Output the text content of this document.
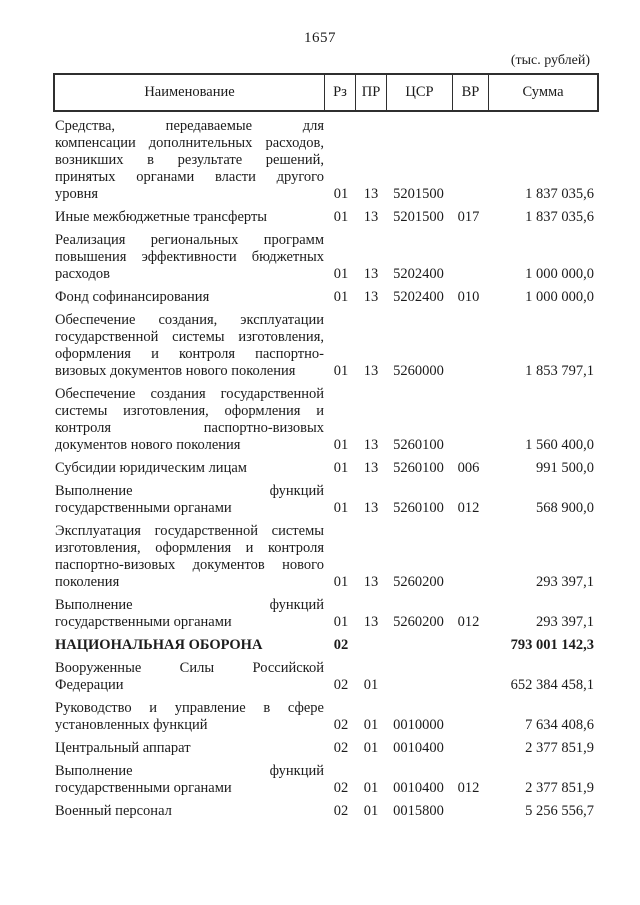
1657
(тыс. рублей)
Наименование	Рз	ПР	ЦСР	ВР	Сумма
Средства, передаваемые для
компенсации дополнительных расходов,
возникших в результате решений,
принятых органами власти другого
уровня	01	13	5201500		1 837 035,6

Иные межбюджетные трансферты	01	13	5201500	017	1 837 035,6

Реализация региональных программ
повышения эффективности бюджетных
расходов	01	13	5202400		1 000 000,0

Фонд софинансирования	01	13	5202400	010	1 000 000,0

Обеспечение создания, эксплуатации
государственной системы изготовления,
оформления и контроля паспортно-
визовых документов нового поколения	01	13	5260000		1 853 797,1

Обеспечение создания государственной
системы изготовления, оформления и
контроля паспортно-визовых
документов нового поколения	01	13	5260100		1 560 400,0

Субсидии юридическим лицам	01	13	5260100	006	991 500,0

Выполнение функций
государственными органами	01	13	5260100	012	568 900,0

Эксплуатация государственной системы
изготовления, оформления и контроля
паспортно-визовых документов нового
поколения	01	13	5260200		293 397,1

Выполнение функций
государственными органами	01	13	5260200	012	293 397,1

НАЦИОНАЛЬНАЯ ОБОРОНА	02				793 001 142,3

Вооруженные Силы Российской
Федерации	02	01			652 384 458,1

Руководство и управление в сфере
установленных функций	02	01	0010000		7 634 408,6

Центральный аппарат	02	01	0010400		2 377 851,9

Выполнение функций
государственными органами	02	01	0010400	012	2 377 851,9

Военный персонал	02	01	0015800		5 256 556,7
